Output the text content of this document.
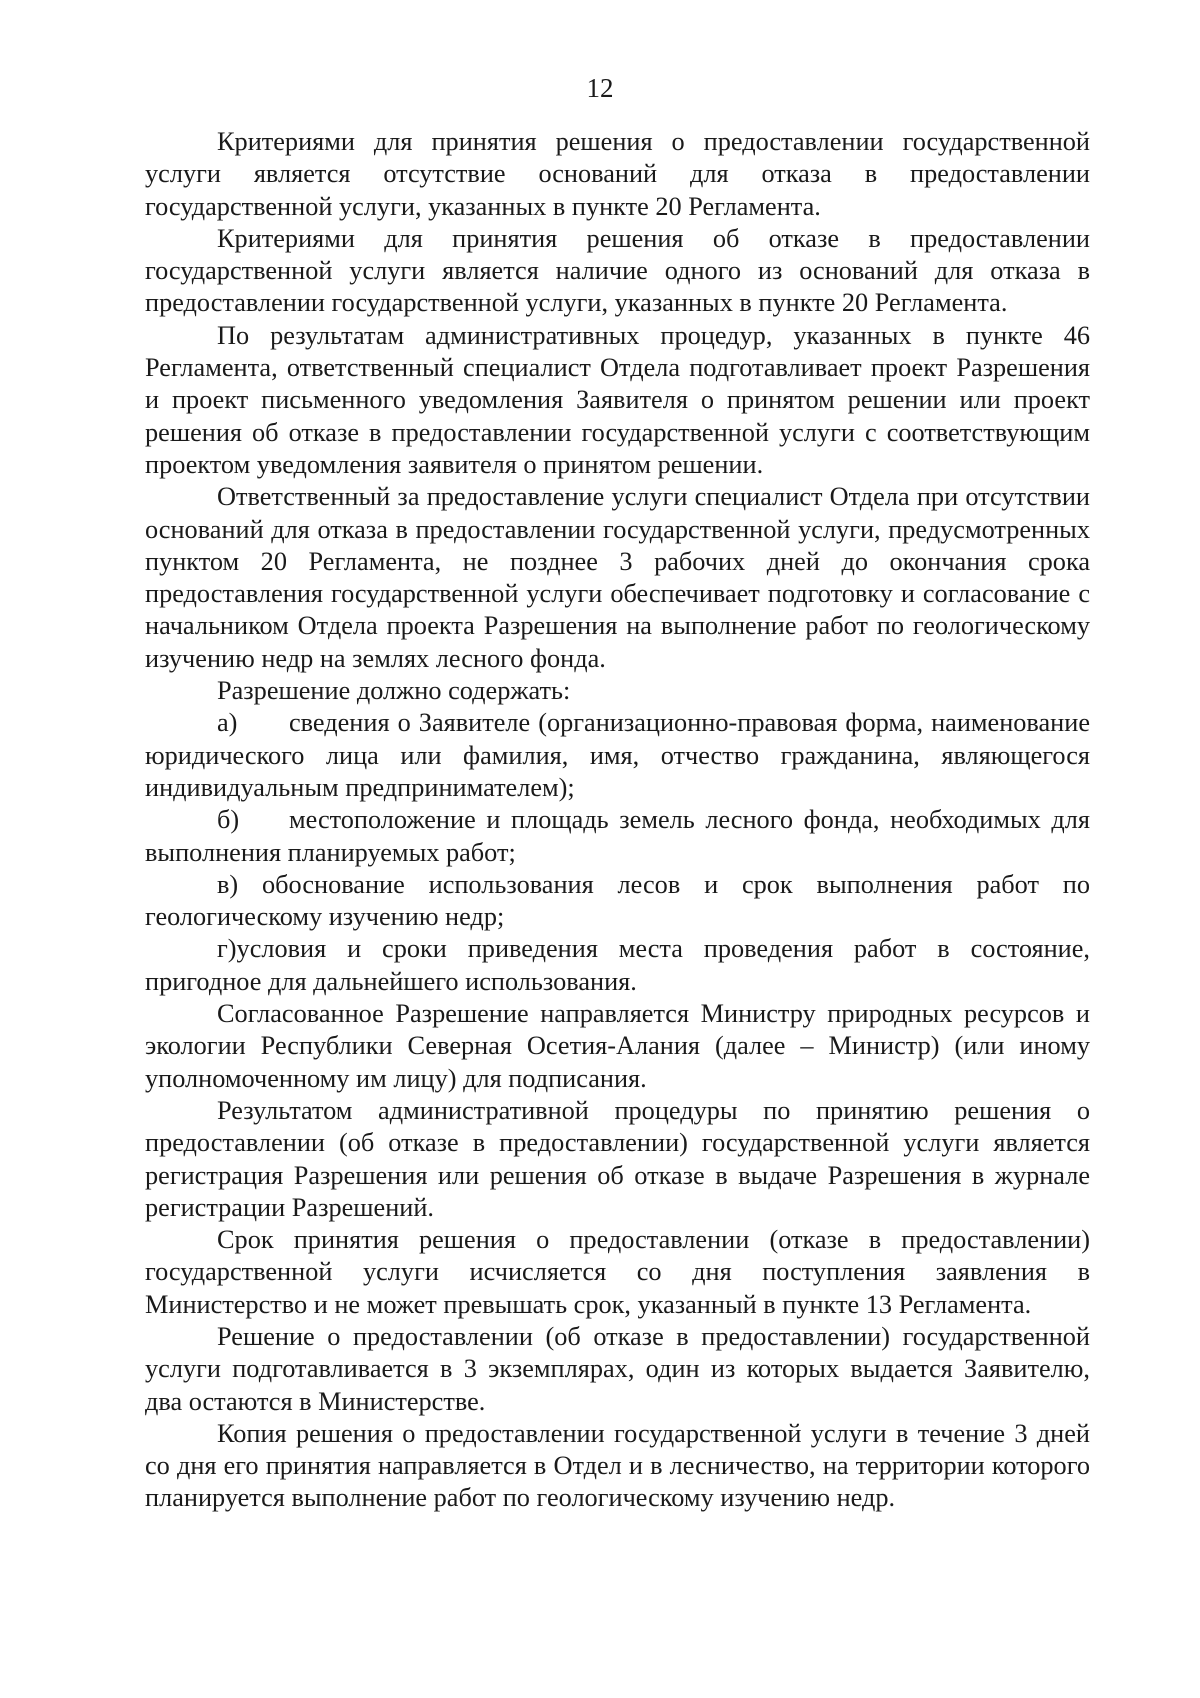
12

Критериями для принятия решения о предоставлении государственной услуги является отсутствие оснований для отказа в предоставлении государственной услуги, указанных в пункте 20 Регламента.

Критериями для принятия решения об отказе в предоставлении государственной услуги является наличие одного из оснований для отказа в предоставлении государственной услуги, указанных в пункте 20 Регламента.

По результатам административных процедур, указанных в пункте 46 Регламента, ответственный специалист Отдела подготавливает проект Разрешения и проект письменного уведомления Заявителя о принятом решении или проект решения об отказе в предоставлении государственной услуги с соответствующим проектом уведомления заявителя о принятом решении.

Ответственный за предоставление услуги специалист Отдела при отсутствии оснований для отказа в предоставлении государственной услуги, предусмотренных пунктом 20 Регламента, не позднее 3 рабочих дней до окончания срока предоставления государственной услуги обеспечивает подготовку и согласование с начальником Отдела проекта Разрешения на выполнение работ по геологическому изучению недр на землях лесного фонда.

Разрешение должно содержать:

а) сведения о Заявителе (организационно-правовая форма, наименование юридического лица или фамилия, имя, отчество гражданина, являющегося индивидуальным предпринимателем);

б) местоположение и площадь земель лесного фонда, необходимых для выполнения планируемых работ;

в) обоснование использования лесов и срок выполнения работ по геологическому изучению недр;

г)условия и сроки приведения места проведения работ в состояние, пригодное для дальнейшего использования.

Согласованное Разрешение направляется Министру природных ресурсов и экологии Республики Северная Осетия-Алания (далее – Министр) (или иному уполномоченному им лицу) для подписания.

Результатом административной процедуры по принятию решения о предоставлении (об отказе в предоставлении) государственной услуги является регистрация Разрешения или решения об отказе в выдаче Разрешения в журнале регистрации Разрешений.

Срок принятия решения о предоставлении (отказе в предоставлении) государственной услуги исчисляется со дня поступления заявления в Министерство и не может превышать срок, указанный в пункте 13 Регламента.

Решение о предоставлении (об отказе в предоставлении) государственной услуги подготавливается в 3 экземплярах, один из которых выдается Заявителю, два остаются в Министерстве.

Копия решения о предоставлении государственной услуги в течение 3 дней со дня его принятия направляется в Отдел и в лесничество, на территории которого планируется выполнение работ по геологическому изучению недр.
